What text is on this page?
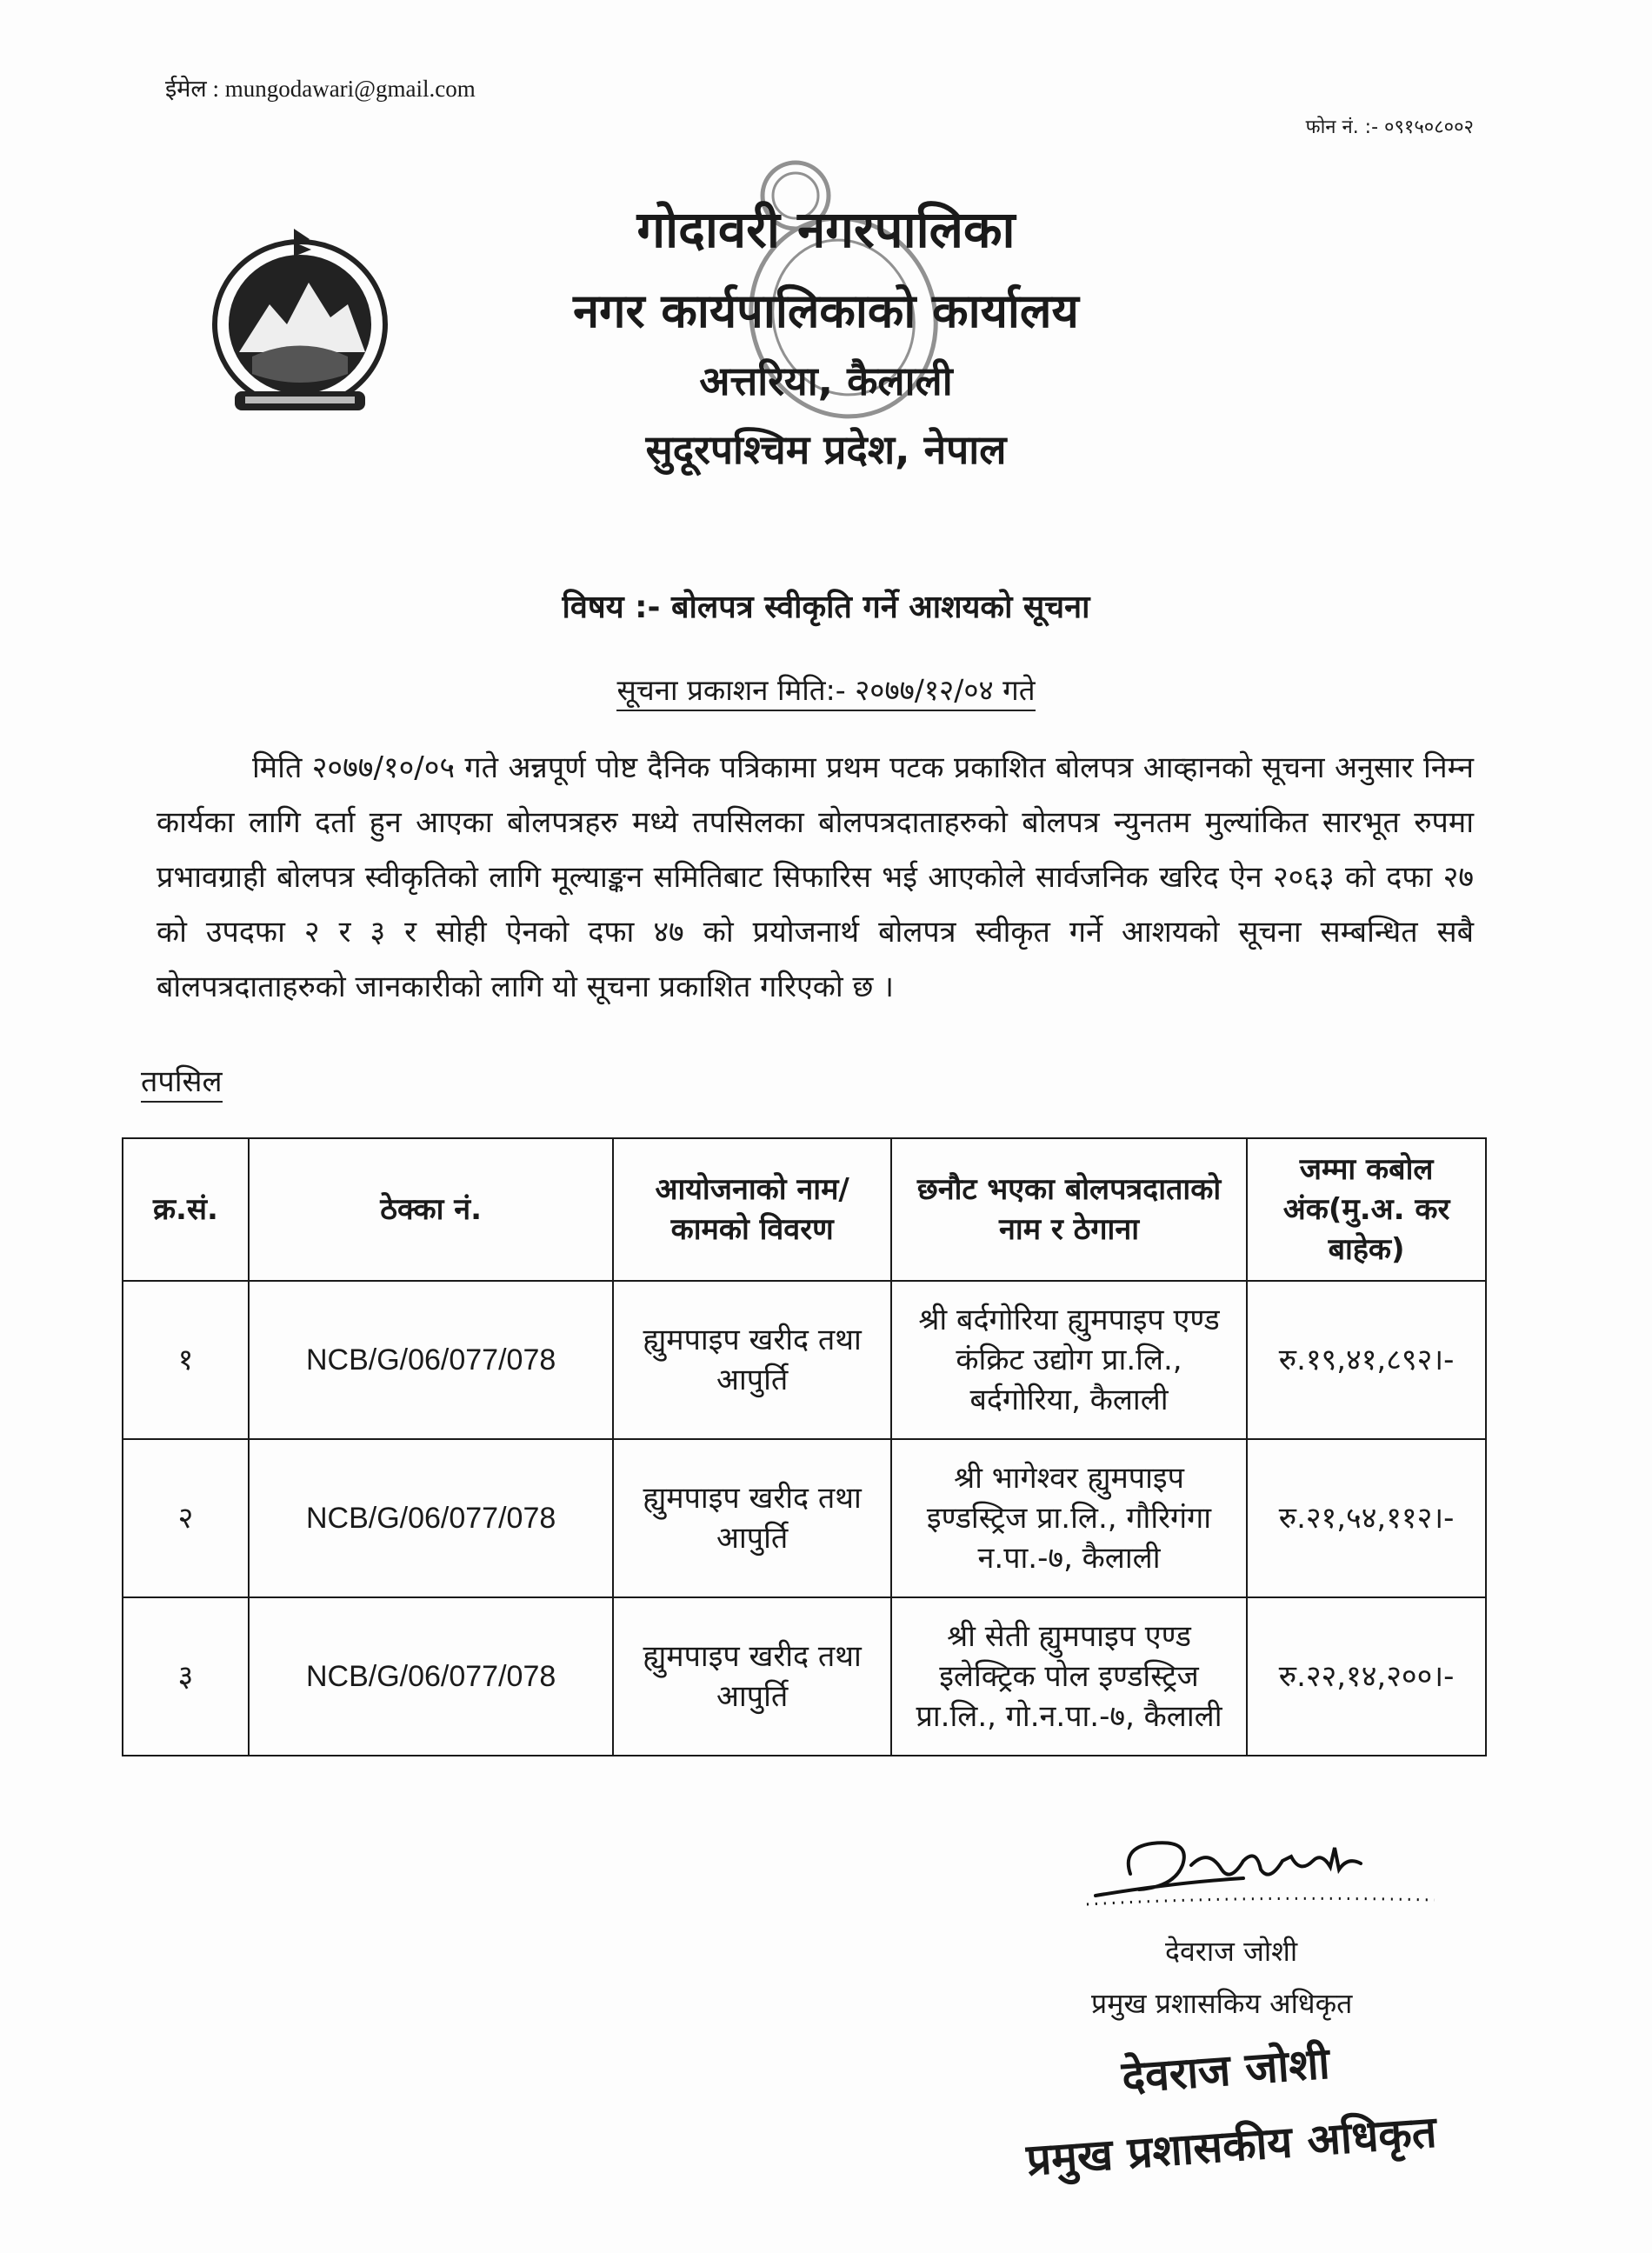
ईमेल : mungodawari@gmail.com
फोन नं. :- ०९१५०८००२
गोदावरी नगरपालिका
नगर कार्यपालिकाको कार्यालय
अत्तरिया, कैलाली
सुदूरपश्चिम प्रदेश, नेपाल
विषय :- बोलपत्र स्वीकृति गर्ने आशयको सूचना
सूचना प्रकाशन मिति:- २०७७/१२/०४ गते
मिति २०७७/१०/०५ गते अन्नपूर्ण पोष्ट दैनिक पत्रिकामा प्रथम पटक प्रकाशित बोलपत्र आव्हानको सूचना अनुसार निम्न कार्यका लागि दर्ता हुन आएका बोलपत्रहरु मध्ये तपसिलका बोलपत्रदाताहरुको बोलपत्र न्युनतम मुल्यांकित सारभूत रुपमा प्रभावग्राही बोलपत्र स्वीकृतिको लागि मूल्याङ्कन समितिबाट सिफारिस भई आएकोले सार्वजनिक खरिद ऐन २०६३ को दफा २७ को उपदफा २ र ३ र सोही ऐनको दफा ४७ को प्रयोजनार्थ बोलपत्र स्वीकृत गर्ने आशयको सूचना सम्बन्धित सबै बोलपत्रदाताहरुको जानकारीको लागि यो सूचना प्रकाशित गरिएको छ ।
तपसिल
क्र.सं.	ठेक्का नं.	आयोजनाको नाम/कामको विवरण	छनौट भएका बोलपत्रदाताको नाम र ठेगाना	जम्मा कबोल अंक(मु.अ. कर बाहेक)
१	NCB/G/06/077/078	ह्युमपाइप खरीद तथा आपुर्ति	श्री बर्दगोरिया ह्युमपाइप एण्ड कंक्रिट उद्योग प्रा.लि., बर्दगोरिया, कैलाली	रु.१९,४१,८९२।-
२	NCB/G/06/077/078	ह्युमपाइप खरीद तथा आपुर्ति	श्री भागेश्वर ह्युमपाइप इण्डस्ट्रिज प्रा.लि., गौरिगंगा न.पा.-७, कैलाली	रु.२१,५४,११२।-
३	NCB/G/06/077/078	ह्युमपाइप खरीद तथा आपुर्ति	श्री सेती ह्युमपाइप एण्ड इलेक्ट्रिक पोल इण्डस्ट्रिज प्रा.लि., गो.न.पा.-७, कैलाली	रु.२२,१४,२००।-
देवराज जोशी
प्रमुख प्रशासकिय अधिकृत
देवराज जोशी
प्रमुख प्रशासकीय अधिकृत
